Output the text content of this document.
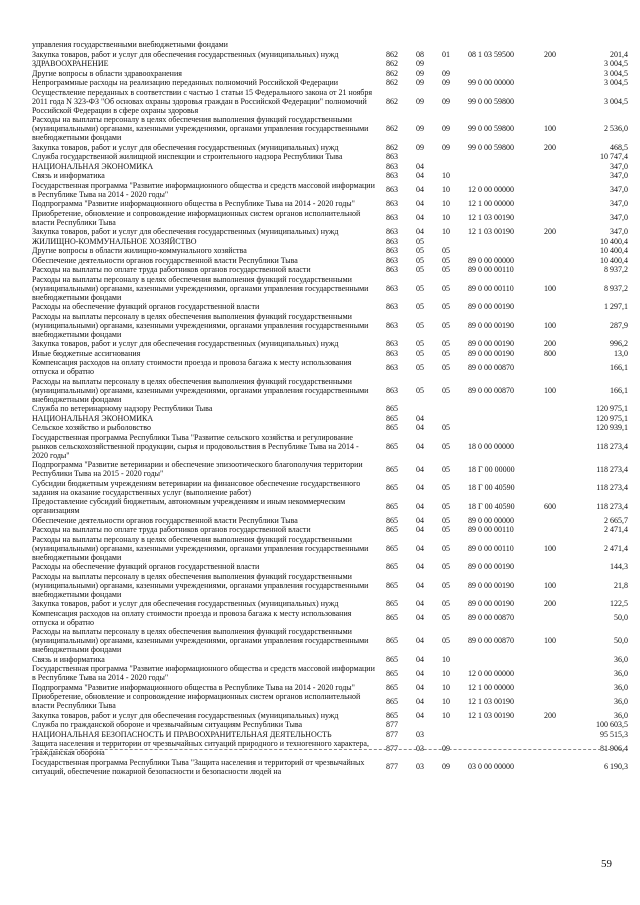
управления государственными внебюджетными фондами						
Закупка товаров, работ и услуг для обеспечения государственных (муниципальных) нужд	862	08	01	08 1 03 59500	200	201,4
ЗДРАВООХРАНЕНИЕ	862	09				3 004,5
Другие вопросы в области здравоохранения	862	09	09			3 004,5
Непрограммные расходы на реализацию переданных полномочий Российской Федерации	862	09	09	99 0 00 00000		3 004,5
Осуществление переданных в соответствии с частью 1 статьи 15 Федерального закона от 21 ноября 2011 года N 323-ФЗ "Об основах охраны здоровья граждан в Российской Федерации" полномочий Российской Федерации в сфере охраны здоровья	862	09	09	99 0 00 59800		3 004,5
Расходы на выплаты персоналу в целях обеспечения выполнения функций государственными (муниципальными) органами, казенными учреждениями, органами управления государственными внебюджетными фондами	862	09	09	99 0 00 59800	100	2 536,0
Закупка товаров, работ и услуг для обеспечения государственных (муниципальных) нужд	862	09	09	99 0 00 59800	200	468,5
Служба государственной жилищной инспекции и строительного надзора Республики Тыва	863					10 747,4
НАЦИОНАЛЬНАЯ ЭКОНОМИКА	863	04				347,0
Связь и информатика	863	04	10			347,0
Государственная программа "Развитие информационного общества и средств массовой информации в Республике Тыва на 2014 - 2020 годы"	863	04	10	12 0 00 00000		347,0
Подпрограмма "Развитие информационного общества в Республике Тыва на 2014 - 2020 годы"	863	04	10	12 1 00 00000		347,0
Приобретение, обновление и сопровождение информационных систем органов исполнительной власти Республики Тыва	863	04	10	12 1 03 00190		347,0
Закупка товаров, работ и услуг для обеспечения государственных (муниципальных) нужд	863	04	10	12 1 03 00190	200	347,0
ЖИЛИЩНО-КОММУНАЛЬНОЕ ХОЗЯЙСТВО	863	05				10 400,4
Другие вопросы в области жилищно-коммунального хозяйства	863	05	05			10 400,4
Обеспечение деятельности органов государственной власти Республики Тыва	863	05	05	89 0 00 00000		10 400,4
Расходы на выплаты по оплате труда работников органов государственной власти	863	05	05	89 0 00 00110		8 937,2
Расходы на выплаты персоналу в целях обеспечения выполнения функций государственными (муниципальными) органами, казенными учреждениями, органами управления государственными внебюджетными фондами	863	05	05	89 0 00 00110	100	8 937,2
Расходы на обеспечение функций органов государственной власти	863	05	05	89 0 00 00190		1 297,1
Расходы на выплаты персоналу в целях обеспечения выполнения функций государственными (муниципальными) органами, казенными учреждениями, органами управления государственными внебюджетными фондами	863	05	05	89 0 00 00190	100	287,9
Закупка товаров, работ и услуг для обеспечения государственных (муниципальных) нужд	863	05	05	89 0 00 00190	200	996,2
Иные бюджетные ассигнования	863	05	05	89 0 00 00190	800	13,0
Компенсация расходов на оплату стоимости проезда и провоза багажа к месту использования отпуска и обратно	863	05	05	89 0 00 00870		166,1
Расходы на выплаты персоналу в целях обеспечения выполнения функций государственными (муниципальными) органами, казенными учреждениями, органами управления государственными внебюджетными фондами	863	05	05	89 0 00 00870	100	166,1
Служба по ветеринарному надзору Республики Тыва	865					120 975,1
НАЦИОНАЛЬНАЯ ЭКОНОМИКА	865	04				120 975,1
Сельское хозяйство и рыболовство	865	04	05			120 939,1
Государственная программа Республики Тыва "Развитие сельского хозяйства и регулирование рынков сельскохозяйственной продукции, сырья и продовольствия в Республике Тыва на 2014 - 2020 годы"	865	04	05	18 0 00 00000		118 273,4
Подпрограмма "Развитие ветеринарии и обеспечение эпизоотического благополучия территории Республики Тыва на 2015 - 2020 годы"	865	04	05	18 Г 00 00000		118 273,4
Субсидии бюджетным учреждениям ветеринарии на финансовое обеспечение государственного задания на оказание государственных услуг (выполнение работ)	865	04	05	18 Г 00 40590		118 273,4
Предоставление субсидий бюджетным, автономным учреждениям и иным некоммерческим организациям	865	04	05	18 Г 00 40590	600	118 273,4
Обеспечение деятельности органов государственной власти Республики Тыва	865	04	05	89 0 00 00000		2 665,7
Расходы на выплаты по оплате труда работников органов государственной власти	865	04	05	89 0 00 00110		2 471,4
Расходы на выплаты персоналу в целях обеспечения выполнения функций государственными (муниципальными) органами, казенными учреждениями, органами управления государственными внебюджетными фондами	865	04	05	89 0 00 00110	100	2 471,4
Расходы на обеспечение функций органов государственной власти	865	04	05	89 0 00 00190		144,3
Расходы на выплаты персоналу в целях обеспечения выполнения функций государственными (муниципальными) органами, казенными учреждениями, органами управления государственными внебюджетными фондами	865	04	05	89 0 00 00190	100	21,8
Закупка товаров, работ и услуг для обеспечения государственных (муниципальных) нужд	865	04	05	89 0 00 00190	200	122,5
Компенсация расходов на оплату стоимости проезда и провоза багажа к месту использования отпуска и обратно	865	04	05	89 0 00 00870		50,0
Расходы на выплаты персоналу в целях обеспечения выполнения функций государственными (муниципальными) органами, казенными учреждениями, органами управления государственными внебюджетными фондами	865	04	05	89 0 00 00870	100	50,0
Связь и информатика	865	04	10			36,0
Государственная программа "Развитие информационного общества и средств массовой информации в Республике Тыва на 2014 - 2020 годы"	865	04	10	12 0 00 00000		36,0
Подпрограмма "Развитие информационного общества в Республике Тыва на 2014 - 2020 годы"	865	04	10	12 1 00 00000		36,0
Приобретение, обновление и сопровождение информационных систем органов исполнительной власти Республики Тыва	865	04	10	12 1 03 00190		36,0
Закупка товаров, работ и услуг для обеспечения государственных (муниципальных) нужд	865	04	10	12 1 03 00190	200	36,0
Служба по гражданской обороне и чрезвычайным ситуациям Республики Тыва	877					100 603,5
НАЦИОНАЛЬНАЯ БЕЗОПАСНОСТЬ И ПРАВООХРАНИТЕЛЬНАЯ ДЕЯТЕЛЬНОСТЬ	877	03				95 515,3
Защита населения и территории от чрезвычайных ситуаций природного и техногенного характера, гражданская оборона	877	03	09			81 906,4
Государственная программа Республики Тыва "Защита населения и территорий от чрезвычайных ситуаций, обеспечение пожарной безопасности и безопасности людей на	877	03	09	03 0 00 00000		6 190,3
59
